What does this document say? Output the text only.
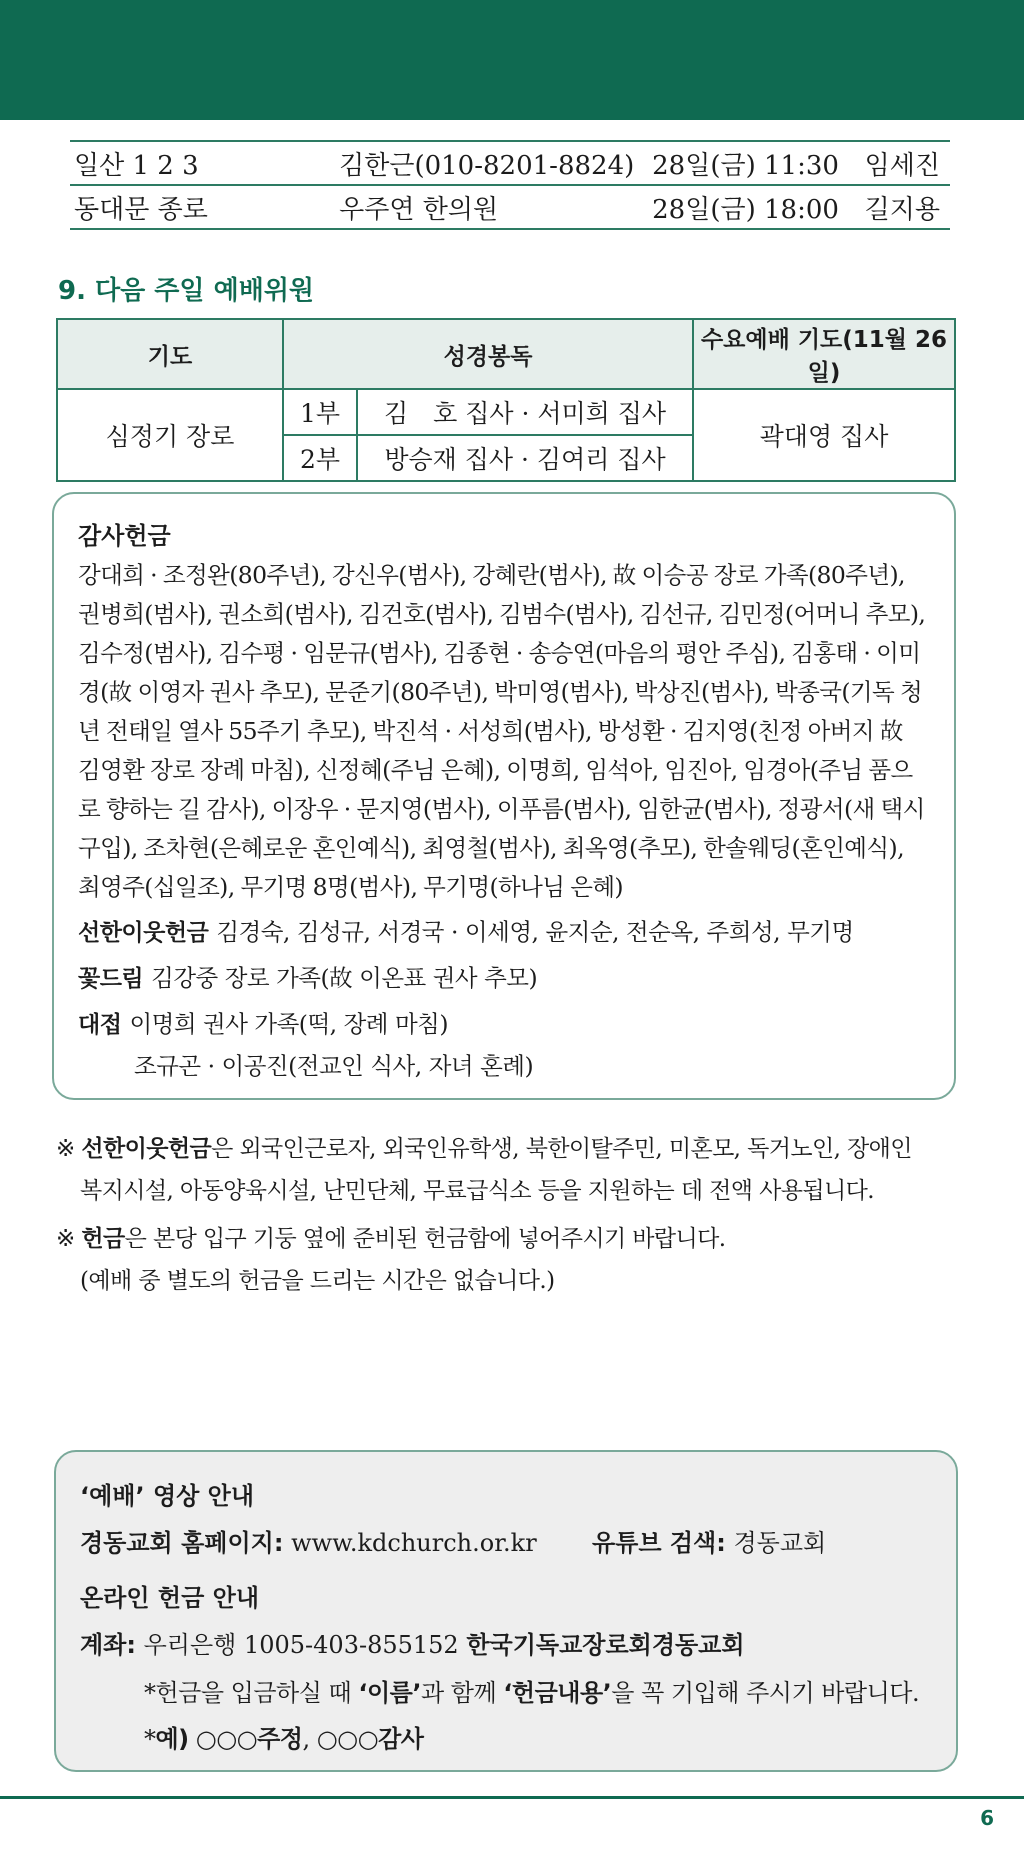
일산 1 2 3	김한근(010-8201-8824)	28일(금) 11:30	임세진
동대문 종로	우주연 한의원	28일(금) 18:00	길지용
9. 다음 주일 예배위원
기도	성경봉독		수요예배 기도(11월 26일)
심정기 장로	1부	김　호 집사 · 서미희 집사	곽대영 집사
	2부	방승재 집사 · 김여리 집사	
감사헌금
강대희 · 조정완(80주년), 강신우(범사), 강혜란(범사), 故 이승공 장로 가족(80주년), 권병희(범사), 권소희(범사), 김건호(범사), 김범수(범사), 김선규, 김민정(어머니 추모), 김수정(범사), 김수평 · 임문규(범사), 김종현 · 송승연(마음의 평안 주심), 김홍태 · 이미경(故 이영자 권사 추모), 문준기(80주년), 박미영(범사), 박상진(범사), 박종국(기독 청년 전태일 열사 55주기 추모), 박진석 · 서성희(범사), 방성환 · 김지영(친정 아버지 故 김영환 장로 장례 마침), 신정혜(주님 은혜), 이명희, 임석아, 임진아, 임경아(주님 품으로 향하는 길 감사), 이장우 · 문지영(범사), 이푸름(범사), 임한균(범사), 정광서(새 택시 구입), 조차현(은혜로운 혼인예식), 최영철(범사), 최옥영(추모), 한솔웨딩(혼인예식), 최영주(십일조), 무기명 8명(범사), 무기명(하나님 은혜)
선한이웃헌금 김경숙, 김성규, 서경국 · 이세영, 윤지순, 전순옥, 주희성, 무기명
꽃드림 김강중 장로 가족(故 이온표 권사 추모)
대접 이명희 권사 가족(떡, 장례 마침)
조규곤 · 이공진(전교인 식사, 자녀 혼례)
※ 선한이웃헌금은 외국인근로자, 외국인유학생, 북한이탈주민, 미혼모, 독거노인, 장애인
복지시설, 아동양육시설, 난민단체, 무료급식소 등을 지원하는 데 전액 사용됩니다.
※ 헌금은 본당 입구 기둥 옆에 준비된 헌금함에 넣어주시기 바랍니다.
(예배 중 별도의 헌금을 드리는 시간은 없습니다.)
‘예배’ 영상 안내
경동교회 홈페이지: www.kdchurch.or.kr 유튜브 검색: 경동교회
온라인 헌금 안내
계좌: 우리은행 1005-403-855152 한국기독교장로회경동교회
*헌금을 입금하실 때 ‘이름’과 함께 ‘헌금내용’을 꼭 기입해 주시기 바랍니다.
*예) ○○○주정, ○○○감사
6
